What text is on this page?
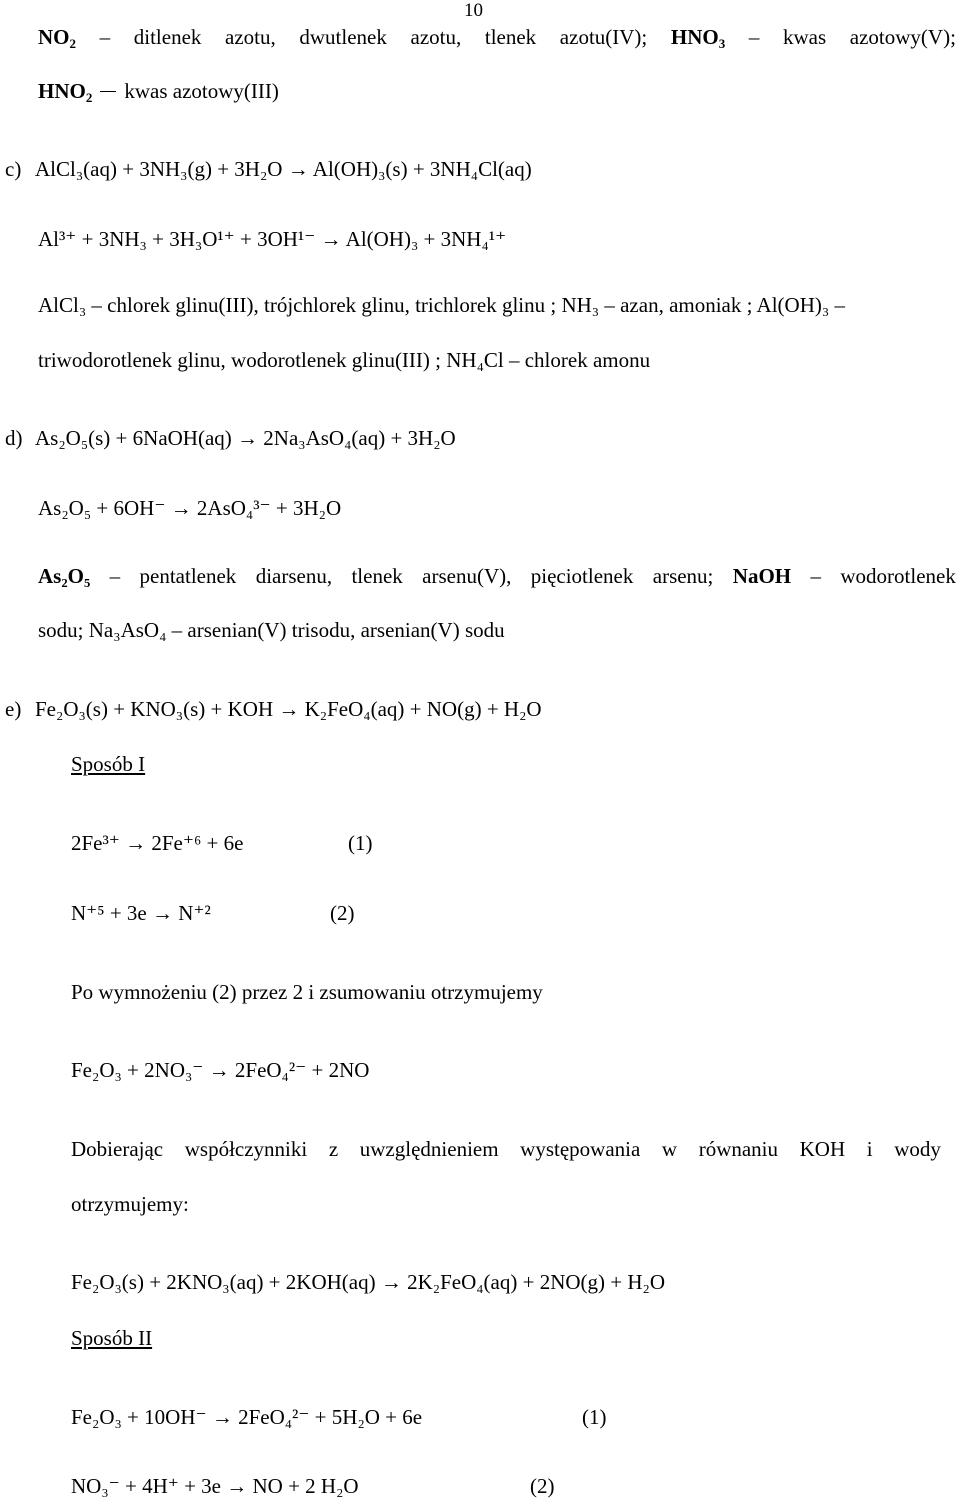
10
$NO_2$ – ditlenek azotu, dwutlenek azotu, tlenek azotu(IV); $HNO_3$ – kwas azotowy(V);
$HNO_2$ kwas azotowy(III)
c) AlCl₃(aq) + 3NH₃(g) + 3H₂O → Al(OH)₃(s) + 3NH₄Cl(aq)
Al³⁺ + 3NH₃ + 3H₃O¹⁺ + 3OH¹⁻ → Al(OH)₃ + 3NH₄¹⁺
AlCl₃ – chlorek glinu(III), trójchlorek glinu, trichlorek glinu ; NH₃ – azan, amoniak ; Al(OH)₃ –
triwodorotlenek glinu, wodorotlenek glinu(III) ; NH₄Cl – chlorek amonu
d) As₂O₅(s) + 6NaOH(aq) → 2Na₃AsO₄(aq) + 3H₂O
As₂O₅ + 6OH⁻ → 2AsO₄³⁻ + 3H₂O
As₂O₅ – pentatlenek diarsenu, tlenek arsenu(V), pięciotlenek arsenu; NaOH – wodorotlenek
sodu; Na₃AsO₄ – arsenian(V) trisodu, arsenian(V) sodu
e) Fe₂O₃(s) + KNO₃(s) + KOH → K₂FeO₄(aq) + NO(g) + H₂O
Sposób I
2Fe³⁺ → 2Fe⁺⁶ + 6e	(1)
N⁺⁵ + 3e → N⁺²	(2)
Po wymnożeniu (2) przez 2 i zsumowaniu otrzymujemy
Fe₂O₃ + 2NO₃⁻ → 2FeO₄²⁻ + 2NO
Dobierając współczynniki z uwzględnieniem występowania w równaniu KOH i wody
otrzymujemy:
Fe₂O₃(s) + 2KNO₃(aq) + 2KOH(aq) → 2K₂FeO₄(aq) + 2NO(g) + H₂O
Sposób II
Fe₂O₃ + 10OH⁻ → 2FeO₄²⁻ + 5H₂O + 6e	(1)
NO₃⁻ + 4H⁺ + 3e → NO + 2 H₂O	(2)
